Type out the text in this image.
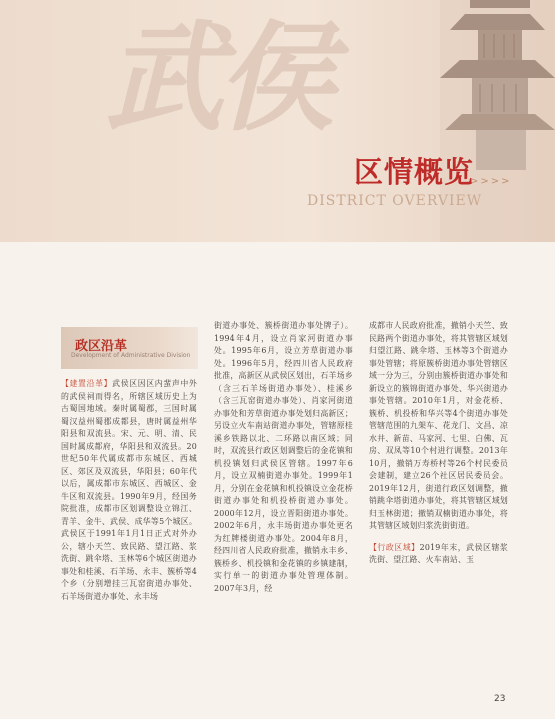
武侯
区情概览
>>>>
DISTRICT OVERVIEW
政区沿革
Development of Administrative Division

【建置沿革】武侯区因区内蜚声中外的武侯祠而得名，所辖区域历史上为古蜀国地域。秦时属蜀郡，三国时属蜀汉益州蜀郡成都县，唐时属益州华阳县和双流县。宋、元、明、清、民国时属成都府，华阳县和双流县。20世纪50年代属成都市东城区、西城区、郊区及双流县，华阳县；60年代以后，属成都市东城区、西城区、金牛区和双流县。1990年9月，经国务院批准，成都市区划调整设立锦江、青羊、金牛、武侯、成华等5个城区。武侯区于1991年1月1日正式对外办公，辖小天竺、致民路、望江路、浆洗街、跳伞塔、玉林等6个城区街道办事处和桂溪、石羊场、永丰、簇桥等4个乡（分别增挂三瓦窑街道办事处、石羊场街道办事处、永丰场

街道办事处、簇桥街道办事处牌子）。1994年4月，设立肖家河街道办事处。1995年6月，设立芳草街道办事处。1996年5月，经四川省人民政府批准，高新区从武侯区划出，石羊场乡（含三石羊场街道办事处）、桂溪乡（含三瓦窑街道办事处）、肖家河街道办事处和芳草街道办事处划归高新区；另设立火车南站街道办事处，管辖原桂溪乡铁路以北、二环路以南区域；同时，双流县行政区划调整后的金花镇和机投镇划归武侯区管辖。1997年6月，设立双楠街道办事处。1999年1月，分别在金花镇和机投镇设立金花桥街道办事处和机投桥街道办事处。2000年12月，设立晋阳街道办事处。2002年6月，永丰场街道办事处更名为红牌楼街道办事处。2004年8月，经四川省人民政府批准，撤销永丰乡、簇桥乡、机投镇和金花镇的乡镇建制，实行单一的街道办事处管理体制。2007年3月，经

成都市人民政府批准，撤销小天竺、致民路两个街道办事处，将其管辖区域划归望江路、跳伞塔、玉林等3个街道办事处管辖；将原簇桥街道办事处管辖区域一分为三，分别由簇桥街道办事处和新设立的簇锦街道办事处、华兴街道办事处管辖。2010年1月，对金花桥、簇桥、机投桥和华兴等4个街道办事处管辖范围的九架车、花龙门、文昌、凉水井、新苗、马家河、七里、白佛、瓦房、双凤等10个村进行调整。2013年10月，撤销万寿桥村等26个村民委员会建制，建立26个社区居民委员会。2019年12月，街道行政区划调整，撤销跳伞塔街道办事处，将其管辖区域划归玉林街道；撤销双楠街道办事处，将其管辖区域划归浆洗街街道。

【行政区域】2019年末，武侯区辖浆洗街、望江路、火车南站、玉

23
